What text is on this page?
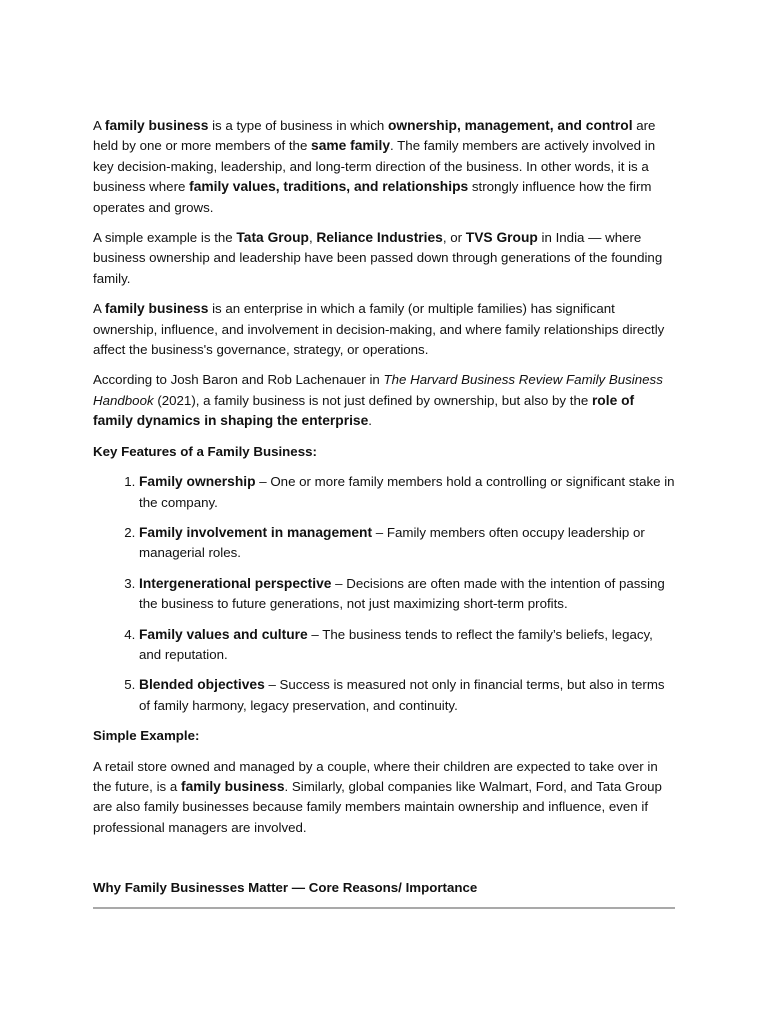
A family business is a type of business in which ownership, management, and control are held by one or more members of the same family. The family members are actively involved in key decision-making, leadership, and long-term direction of the business. In other words, it is a business where family values, traditions, and relationships strongly influence how the firm operates and grows.

A simple example is the Tata Group, Reliance Industries, or TVS Group in India — where business ownership and leadership have been passed down through generations of the founding family.

A family business is an enterprise in which a family (or multiple families) has significant ownership, influence, and involvement in decision-making, and where family relationships directly affect the business's governance, strategy, or operations.

According to Josh Baron and Rob Lachenauer in The Harvard Business Review Family Business Handbook (2021), a family business is not just defined by ownership, but also by the role of family dynamics in shaping the enterprise.

Key Features of a Family Business:
1. Family ownership – One or more family members hold a controlling or significant stake in the company.
2. Family involvement in management – Family members often occupy leadership or managerial roles.
3. Intergenerational perspective – Decisions are often made with the intention of passing the business to future generations, not just maximizing short-term profits.
4. Family values and culture – The business tends to reflect the family’s beliefs, legacy, and reputation.
5. Blended objectives – Success is measured not only in financial terms, but also in terms of family harmony, legacy preservation, and continuity.
Simple Example:

A retail store owned and managed by a couple, where their children are expected to take over in the future, is a family business. Similarly, global companies like Walmart, Ford, and Tata Group are also family businesses because family members maintain ownership and influence, even if professional managers are involved.

Why Family Businesses Matter — Core Reasons/ Importance
